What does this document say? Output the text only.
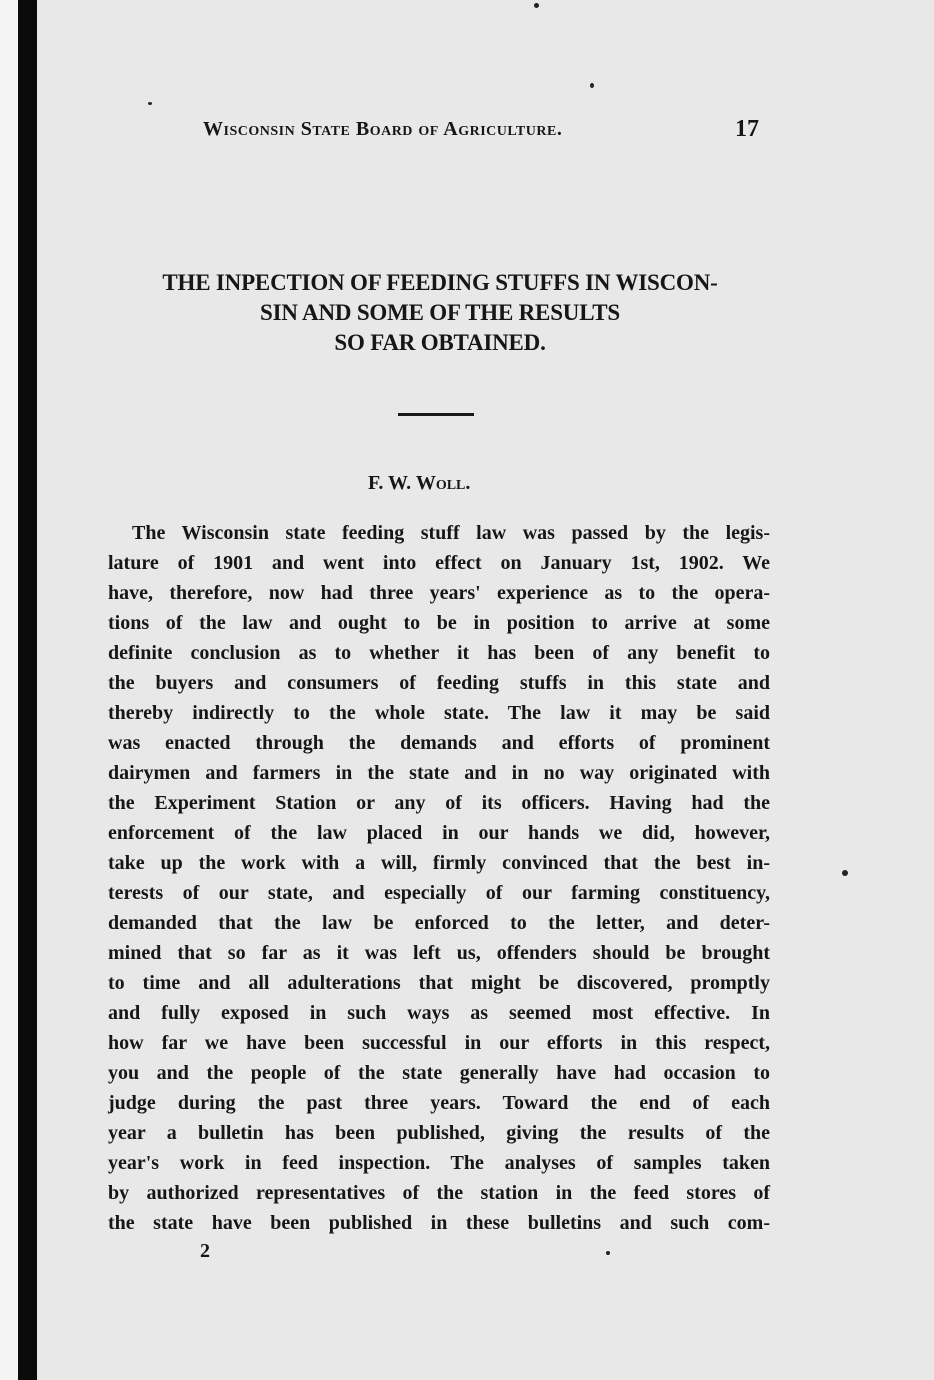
Wisconsin State Board of Agriculture.	17
THE INPECTION OF FEEDING STUFFS IN WISCON-
SIN AND SOME OF THE RESULTS
SO FAR OBTAINED.
F. W. Woll.
The Wisconsin state feeding stuff law was passed by the legis-
lature of 1901 and went into effect on January 1st, 1902. We
have, therefore, now had three years' experience as to the opera-
tions of the law and ought to be in position to arrive at some
definite conclusion as to whether it has been of any benefit to
the buyers and consumers of feeding stuffs in this state and
thereby indirectly to the whole state. The law it may be said
was enacted through the demands and efforts of prominent
dairymen and farmers in the state and in no way originated with
the Experiment Station or any of its officers. Having had the
enforcement of the law placed in our hands we did, however,
take up the work with a will, firmly convinced that the best in-
terests of our state, and especially of our farming constituency,
demanded that the law be enforced to the letter, and deter-
mined that so far as it was left us, offenders should be brought
to time and all adulterations that might be discovered, promptly
and fully exposed in such ways as seemed most effective. In
how far we have been successful in our efforts in this respect,
you and the people of the state generally have had occasion to
judge during the past three years. Toward the end of each
year a bulletin has been published, giving the results of the
year's work in feed inspection. The analyses of samples taken
by authorized representatives of the station in the feed stores of
the state have been published in these bulletins and such com-
2
